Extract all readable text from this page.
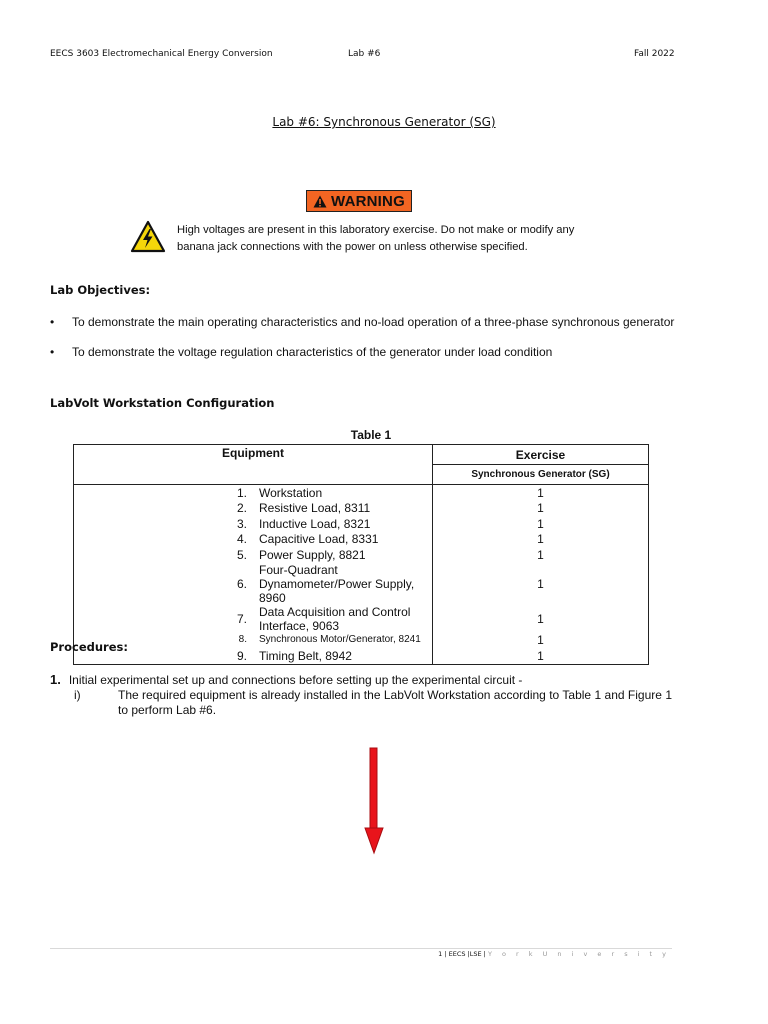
EECS 3603 Electromechanical Energy Conversion	Lab #6	Fall 2022
Lab #6: Synchronous Generator (SG)
WARNING
High voltages are present in this laboratory exercise. Do not make or modify any
banana jack connections with the power on unless otherwise specified.
Lab Objectives:
• To demonstrate the main operating characteristics and no-load operation of a three-phase synchronous generator
• To demonstrate the voltage regulation characteristics of the generator under load condition
LabVolt Workstation Configuration
Table 1
Equipment		Exercise
		Synchronous Generator (SG)
1.	Workstation	1
2.	Resistive Load, 8311	1
3.	Inductive Load, 8321	1
4.	Capacitive Load, 8331	1
5.	Power Supply, 8821	1
6.	Four-Quadrant Dynamometer/Power Supply, 8960	1
7.	Data Acquisition and Control Interface, 9063	1
8.	Synchronous Motor/Generator, 8241	1
9.	Timing Belt, 8942	1
Procedures:
1. Initial experimental set up and connections before setting up the experimental circuit -
i)	The required equipment is already installed in the LabVolt Workstation according to Table 1 and Figure 1 to perform Lab #6.
1 | EECS |LSE | Y o r k U n i v e r s i t y
